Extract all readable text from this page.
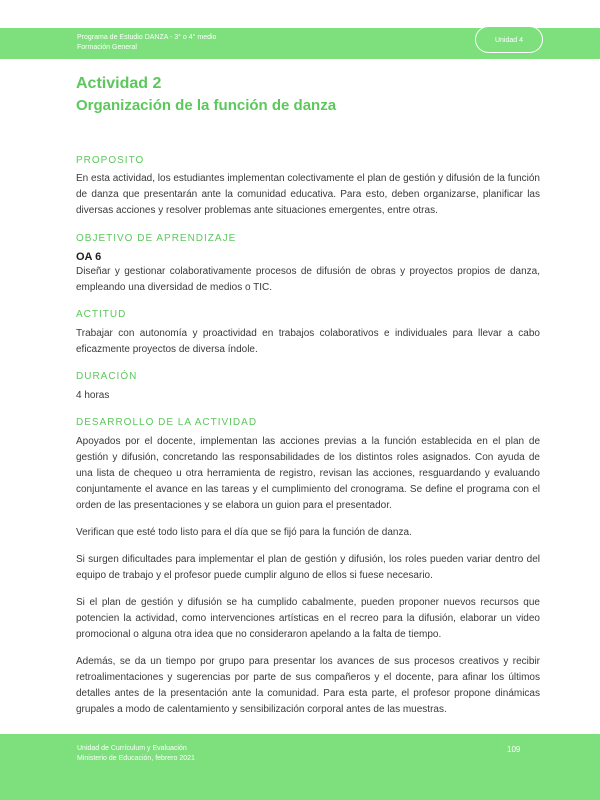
Programa de Estudio DANZA - 3° o 4° medio
Formación General
Unidad 4
Actividad 2
Organización de la función de danza
PROPOSITO

En esta actividad, los estudiantes implementan colectivamente el plan de gestión y difusión de la función de danza que presentarán ante la comunidad educativa. Para esto, deben organizarse, planificar las diversas acciones y resolver problemas ante situaciones emergentes, entre otras.

OBJETIVO DE APRENDIZAJE

OA 6

Diseñar y gestionar colaborativamente procesos de difusión de obras y proyectos propios de danza, empleando una diversidad de medios o TIC.

ACTITUD

Trabajar con autonomía y proactividad en trabajos colaborativos e individuales para llevar a cabo eficazmente proyectos de diversa índole.

DURACIÓN

4 horas

DESARROLLO DE LA ACTIVIDAD

Apoyados por el docente, implementan las acciones previas a la función establecida en el plan de gestión y difusión, concretando las responsabilidades de los distintos roles asignados. Con ayuda de una lista de chequeo u otra herramienta de registro, revisan las acciones, resguardando y evaluando conjuntamente el avance en las tareas y el cumplimiento del cronograma. Se define el programa con el orden de las presentaciones y se elabora un guion para el presentador.

Verifican que esté todo listo para el día que se fijó para la función de danza.

Si surgen dificultades para implementar el plan de gestión y difusión, los roles pueden variar dentro del equipo de trabajo y el profesor puede cumplir alguno de ellos si fuese necesario.

Si el plan de gestión y difusión se ha cumplido cabalmente, pueden proponer nuevos recursos que potencien la actividad, como intervenciones artísticas en el recreo para la difusión, elaborar un video promocional o alguna otra idea que no consideraron apelando a la falta de tiempo.

Además, se da un tiempo por grupo para presentar los avances de sus procesos creativos y recibir retroalimentaciones y sugerencias por parte de sus compañeros y el docente, para afinar los últimos detalles antes de la presentación ante la comunidad. Para esta parte, el profesor propone dinámicas grupales a modo de calentamiento y sensibilización corporal antes de las muestras.

Unidad de Currículum y Evaluación
Ministerio de Educación, febrero 2021
109
